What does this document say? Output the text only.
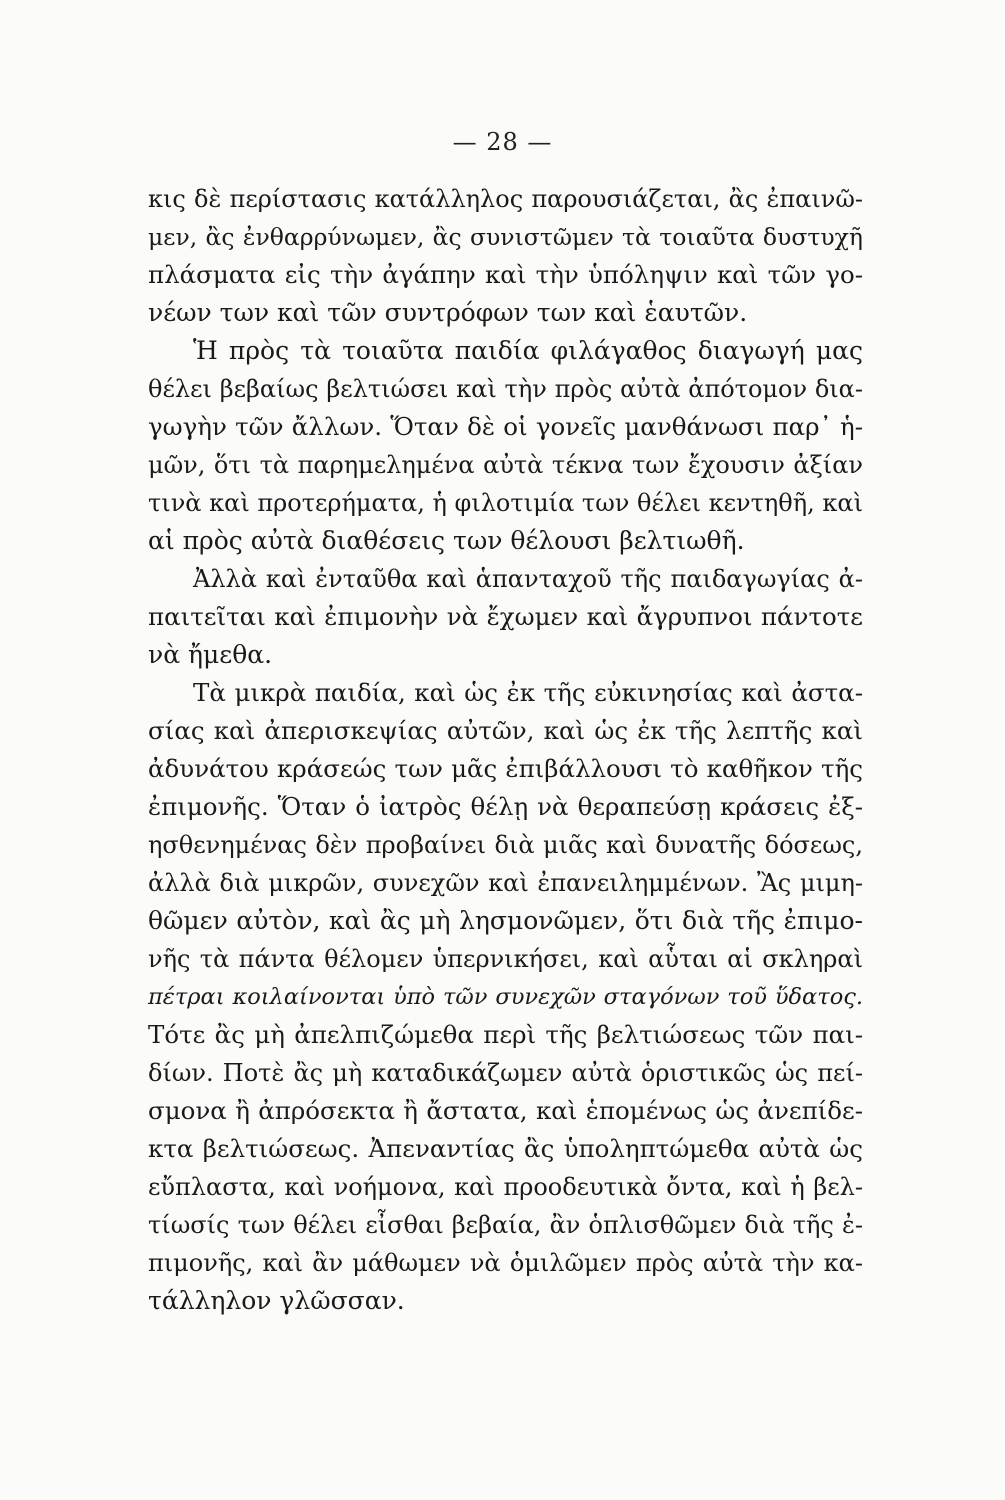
— 28 —
κις δὲ περίστασις κατάλληλος παρουσιάζεται, ἂς ἐπαινῶ-
μεν, ἂς ἐνθαρρύνωμεν, ἂς συνιστῶμεν τὰ τοιαῦτα δυστυχῆ
πλάσματα εἰς τὴν ἀγάπην καὶ τὴν ὑπόληψιν καὶ τῶν γο-
νέων των καὶ τῶν συντρόφων των καὶ ἑαυτῶν.
Ἡ πρὸς τὰ τοιαῦτα παιδία φιλάγαθος διαγωγή μας
θέλει βεβαίως βελτιώσει καὶ τὴν πρὸς αὐτὰ ἀπότομον δια-
γωγὴν τῶν ἄλλων. Ὅταν δὲ οἱ γονεῖς μανθάνωσι παρ᾽ ἡ-
μῶν, ὅτι τὰ παρημελημένα αὐτὰ τέκνα των ἔχουσιν ἀξίαν
τινὰ καὶ προτερήματα, ἡ φιλοτιμία των θέλει κεντηθῆ, καὶ
αἱ πρὸς αὐτὰ διαθέσεις των θέλουσι βελτιωθῆ.
Ἀλλὰ καὶ ἐνταῦθα καὶ ἁπανταχοῦ τῆς παιδαγωγίας ἀ-
παιτεῖται καὶ ἐπιμονὴν νὰ ἔχωμεν καὶ ἄγρυπνοι πάντοτε
νὰ ἤμεθα.
Τὰ μικρὰ παιδία, καὶ ὡς ἐκ τῆς εὐκινησίας καὶ ἀστα-
σίας καὶ ἀπερισκεψίας αὐτῶν, καὶ ὡς ἐκ τῆς λεπτῆς καὶ
ἀδυνάτου κράσεώς των μᾶς ἐπιβάλλουσι τὸ καθῆκον τῆς
ἐπιμονῆς. Ὅταν ὁ ἰατρὸς θέλῃ νὰ θεραπεύσῃ κράσεις ἐξ-
ησθενημένας δὲν προβαίνει διὰ μιᾶς καὶ δυνατῆς δόσεως,
ἀλλὰ διὰ μικρῶν, συνεχῶν καὶ ἐπανειλημμένων. Ἂς μιμη-
θῶμεν αὐτὸν, καὶ ἂς μὴ λησμονῶμεν, ὅτι διὰ τῆς ἐπιμο-
νῆς τὰ πάντα θέλομεν ὑπερνικήσει, καὶ αὗται αἱ σκληραὶ
πέτραι κοιλαίνονται ὑπὸ τῶν συνεχῶν σταγόνων τοῦ ὕδατος.
Τότε ἂς μὴ ἀπελπιζώμεθα περὶ τῆς βελτιώσεως τῶν παι-
δίων. Ποτὲ ἂς μὴ καταδικάζωμεν αὐτὰ ὁριστικῶς ὡς πεί-
σμονα ἢ ἀπρόσεκτα ἢ ἄστατα, καὶ ἑπομένως ὡς ἀνεπίδε-
κτα βελτιώσεως. Ἀπεναντίας ἂς ὑποληπτώμεθα αὐτὰ ὡς
εὔπλαστα, καὶ νοήμονα, καὶ προοδευτικὰ ὄντα, καὶ ἡ βελ-
τίωσίς των θέλει εἶσθαι βεβαία, ἂν ὁπλισθῶμεν διὰ τῆς ἐ-
πιμονῆς, καὶ ἂν μάθωμεν νὰ ὁμιλῶμεν πρὸς αὐτὰ τὴν κα-
τάλληλον γλῶσσαν.
